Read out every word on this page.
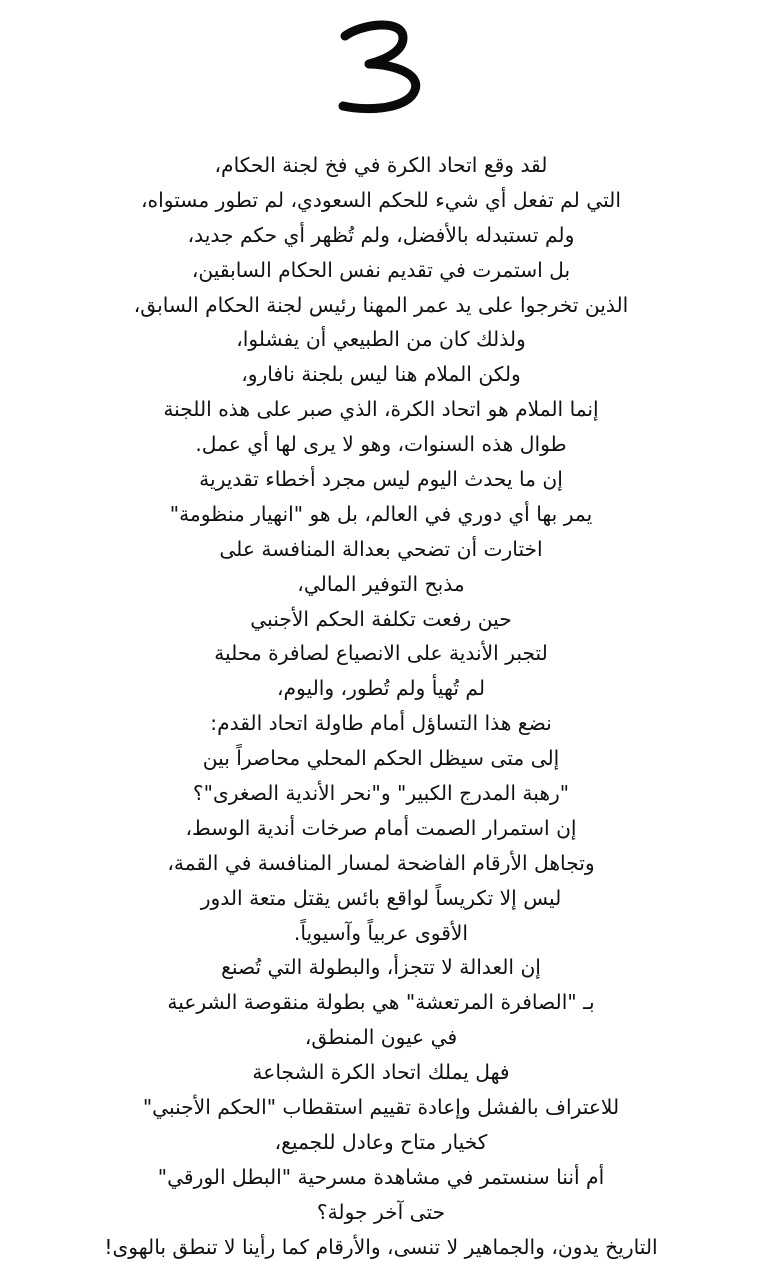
لقد وقع اتحاد الكرة في فخ لجنة الحكام،
التي لم تفعل أي شيء للحكم السعودي، لم تطور مستواه،
ولم تستبدله بالأفضل، ولم تُظهر أي حكم جديد،
بل استمرت في تقديم نفس الحكام السابقين،
الذين تخرجوا على يد عمر المهنا رئيس لجنة الحكام السابق،
ولذلك كان من الطبيعي أن يفشلوا،
ولكن الملام هنا ليس بلجنة نافارو،
إنما الملام هو اتحاد الكرة، الذي صبر على هذه اللجنة
طوال هذه السنوات، وهو لا يرى لها أي عمل.
إن ما يحدث اليوم ليس مجرد أخطاء تقديرية
يمر بها أي دوري في العالم، بل هو "انهيار منظومة"
اختارت أن تضحي بعدالة المنافسة على
مذبح التوفير المالي،
حين رفعت تكلفة الحكم الأجنبي
لتجبر الأندية على الانصياع لصافرة محلية
لم تُهيأ ولم تُطور، واليوم،
نضع هذا التساؤل أمام طاولة اتحاد القدم:
إلى متى سيظل الحكم المحلي محاصراً بين
"رهبة المدرج الكبير" و"نحر الأندية الصغرى"؟
إن استمرار الصمت أمام صرخات أندية الوسط،
وتجاهل الأرقام الفاضحة لمسار المنافسة في القمة،
ليس إلا تكريساً لواقع بائس يقتل متعة الدور
الأقوى عربياً وآسيوياً.
إن العدالة لا تتجزأ، والبطولة التي تُصنع
بـ "الصافرة المرتعشة" هي بطولة منقوصة الشرعية
في عيون المنطق،
فهل يملك اتحاد الكرة الشجاعة
للاعتراف بالفشل وإعادة تقييم استقطاب "الحكم الأجنبي"
كخيار متاح وعادل للجميع،
أم أننا سنستمر في مشاهدة مسرحية "البطل الورقي"
حتى آخر جولة؟
التاريخ يدون، والجماهير لا تنسى، والأرقام كما رأينا لا تنطق بالهوى!
